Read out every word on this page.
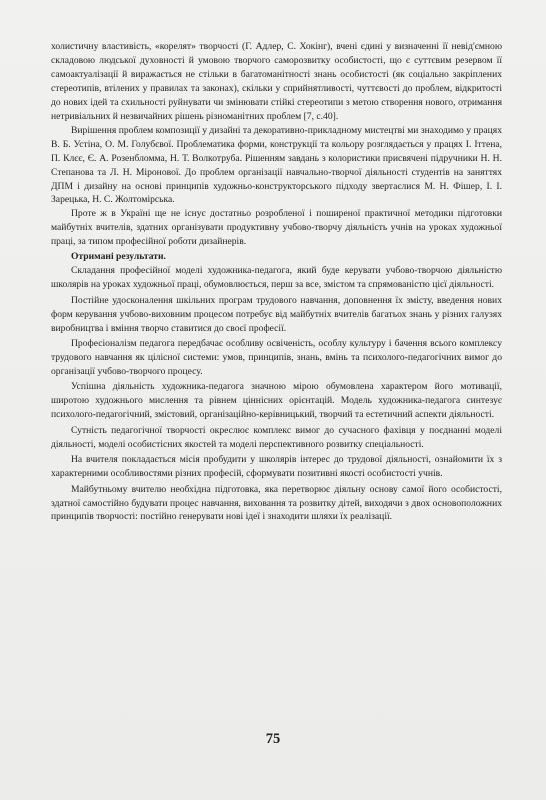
холистичну властивість, «корелят» творчості (Г. Адлер, С. Хокінг), вчені єдині у визначенні її невід'ємною складовою людської духовності й умовою творчого саморозвитку особистості, що є суттєвим резервом її самоактуалізації й виражається не стільки в багатоманітності знань особистості (як соціально закріплених стереотипів, втілених у правилах та законах), скільки у сприйнятливості, чуттєвості до проблем, відкритості до нових ідей та схильності руйнувати чи змінювати стійкі стереотипи з метою створення нового, отримання нетривіальних й незвичайних рішень різноманітних проблем [7, с.40].

Вирішення проблем композиції у дизайні та декоративно-прикладному мистецтві ми знаходимо у працях В. Б. Устіна, О. М. Голубєвої. Проблематика форми, конструкції та кольору розглядається у працях І. Іттена, П. Клєє, Є. А. Розенбломма, Н. Т. Волкотруба. Рішенням завдань з колористики присвячені підручники Н. Н. Степанова та Л. Н. Міронової. До проблем організації навчально-творчої діяльності студентів на заняттях ДПМ і дизайну на основі принципів художньо-конструкторського підходу звертаєлися М. Н. Фішер, І. І. Зарецька, Н. С. Жолтомірська.

Проте ж в Україні ще не існує достатньо розробленої і поширеної практичної методики підготовки майбутніх вчителів, здатних організувати продуктивну учбово-творчу діяльність учнів на уроках художньої праці, за типом професійної роботи дизайнерів.

Отримані результати.

Складання професійної моделі художника-педагога, який буде керувати учбово-творчою діяльністю школярів на уроках художньої праці, обумовлюється, перш за все, змістом та спрямованістю цієї діяльності.

Постійне удосконалення шкільних програм трудового навчання, доповнення їх змісту, введення нових форм керування учбово-виховним процесом потребує від майбутніх вчителів багатьох знань у різних галузях виробництва і вміння творчо ставитися до своєї професії.

Професіоналізм педагога передбачає особливу освіченість, особлу культуру і бачення всього комплексу трудового навчання як цілісної системи: умов, принципів, знань, вмінь та психолого-педагогічних вимог до організації учбово-творчого процесу.

Успішна діяльність художника-педагога значною мірою обумовлена характером його мотивації, широтою художнього мислення та рівнем ціннісних орієнтацій. Модель художника-педагога синтезує психолого-педагогічний, змістовий, організаційно-керівницький, творчий та естетичний аспекти діяльності.

Сутність педагогічної творчості окреслює комплекс вимог до сучасного фахівця у поєднанні моделі діяльності, моделі особистісних якостей та моделі перспективного розвитку спеціальності.

На вчителя покладається місія пробудити у школярів інтерес до трудової діяльності, ознайомити їх з характерними особливостями різних професій, сформувати позитивні якості особистості учнів.

Майбутньому вчителю необхідна підготовка, яка перетворює діяльну основу самої його особистості, здатної самостійно будувати процес навчання, виховання та розвитку дітей, виходячи з двох основоположних принципів творчості: постійно генерувати нові ідеї і знаходити шляхи їх реалізації.

75
